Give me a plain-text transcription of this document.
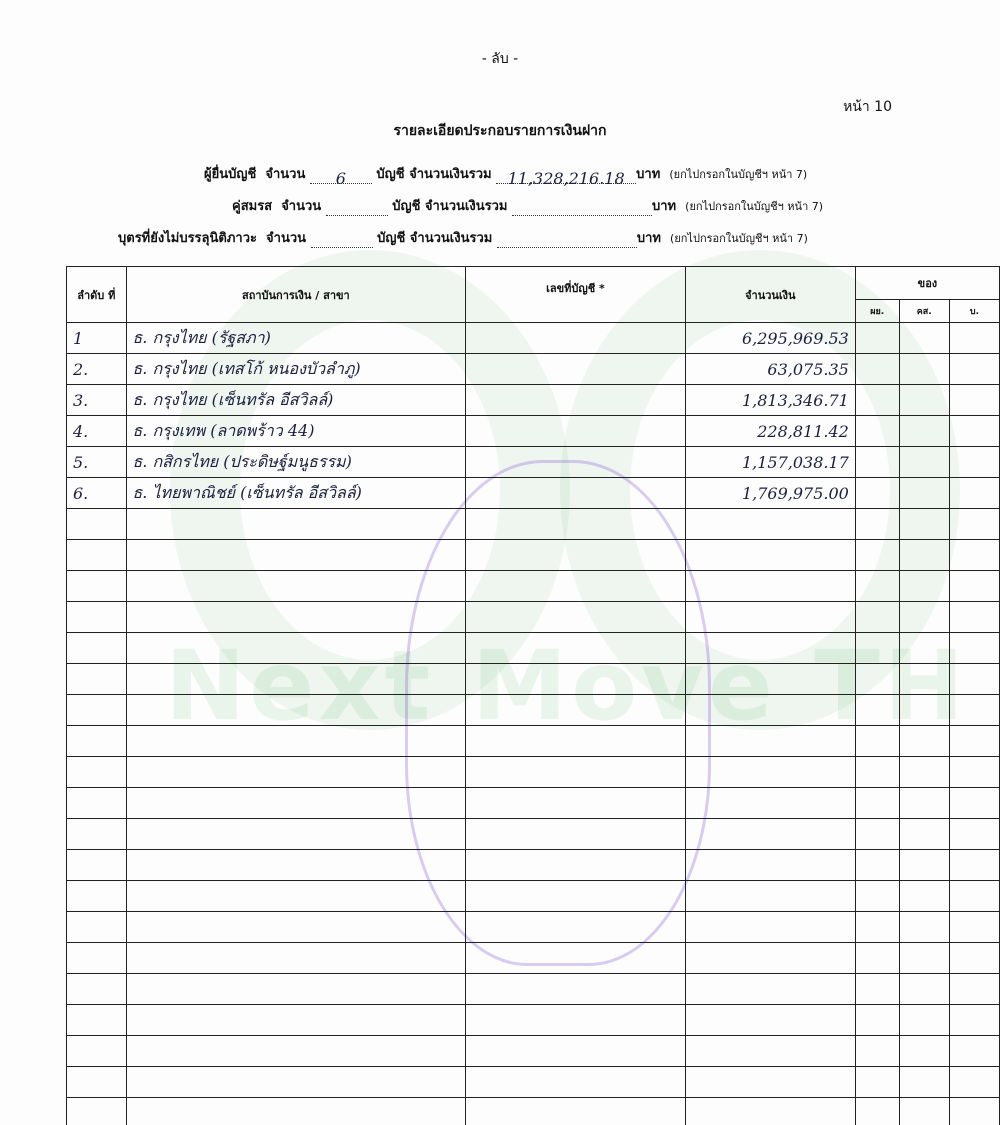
Next Move TH
- ลับ -
หน้า 10
รายละเอียดประกอบรายการเงินฝาก
ผู้ยื่นบัญชี จำนวน 6 บัญชี จำนวนเงินรวม 11,328,216.18 บาท (ยกไปกรอกในบัญชีฯ หน้า 7)
คู่สมรส จำนวน	บัญชี จำนวนเงินรวม	บาท (ยกไปกรอกในบัญชีฯ หน้า 7)
บุตรที่ยังไม่บรรลุนิติภาวะ จำนวน	บัญชี จำนวนเงินรวม	บาท (ยกไปกรอกในบัญชีฯ หน้า 7)
ลำดับ ที่	สถาบันการเงิน / สาขา	เลขที่บัญชี *	จำนวนเงิน	ของ		
				ผย.	คส.	บ.
1	ธ. กรุงไทย (รัฐสภา)		6,295,969.53			
2.	ธ. กรุงไทย (เทสโก้ หนองบัวลำภู)		63,075.35			
3.	ธ. กรุงไทย (เซ็นทรัล อีสวิลล์)		1,813,346.71			
4.	ธ. กรุงเทพ (ลาดพร้าว 44)		228,811.42			
5.	ธ. กสิกรไทย (ประดิษฐ์มนูธรรม)		1,157,038.17			
6.	ธ. ไทยพาณิชย์ (เซ็นทรัล อีสวิลล์)		1,769,975.00			
